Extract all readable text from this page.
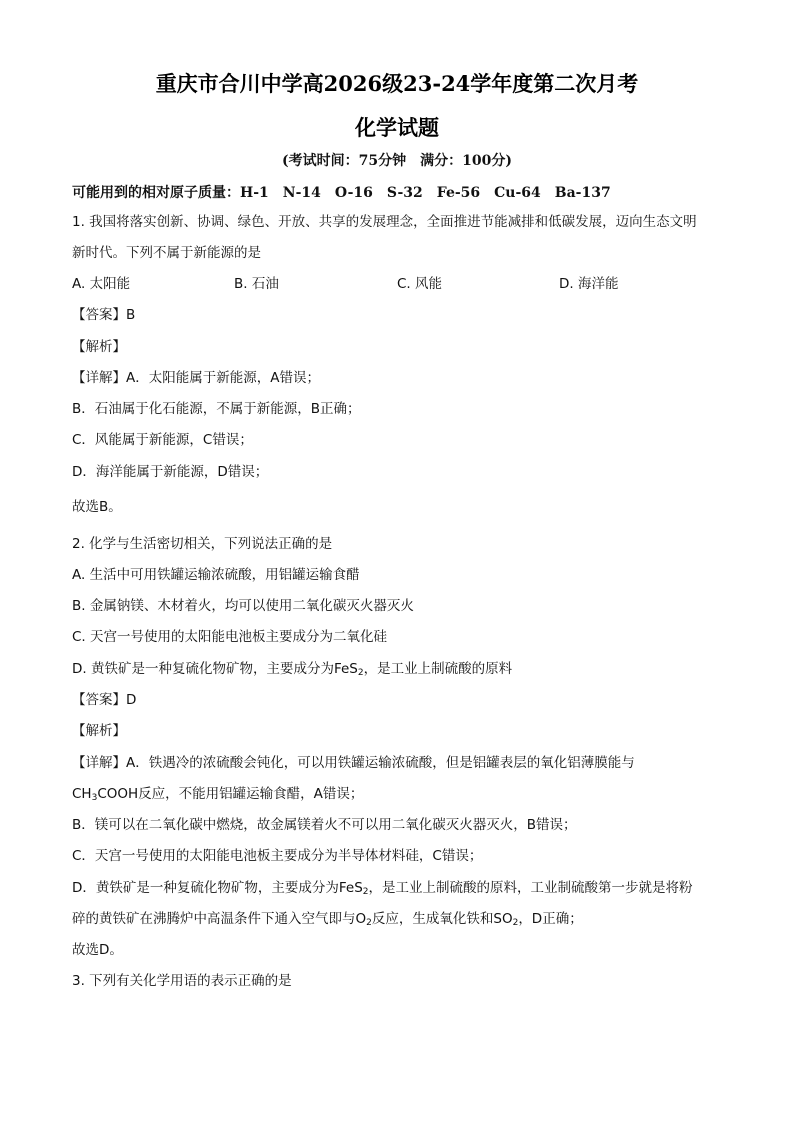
重庆市合川中学高2026级23-24学年度第二次月考
化学试题
(考试时间：75分钟　满分：100分)
可能用到的相对原子质量：H-1　N-14　O-16　S-32　Fe-56　Cu-64　Ba-137
1. 我国将落实创新、协调、绿色、开放、共享的发展理念，全面推进节能减排和低碳发展，迈向生态文明
新时代。下列不属于新能源的是
A. 太阳能	B. 石油	C. 风能	D. 海洋能
【答案】B
【解析】
【详解】A．太阳能属于新能源，A错误；
B．石油属于化石能源，不属于新能源，B正确；
C．风能属于新能源，C错误；
D．海洋能属于新能源，D错误；
故选B。
2. 化学与生活密切相关，下列说法正确的是
A. 生活中可用铁罐运输浓硫酸，用铝罐运输食醋
B. 金属钠镁、木材着火，均可以使用二氧化碳灭火器灭火
C. 天宫一号使用的太阳能电池板主要成分为二氧化硅
D. 黄铁矿是一种复硫化物矿物，主要成分为FeS$_2$，是工业上制硫酸的原料
【答案】D
【解析】
【详解】A．铁遇冷的浓硫酸会钝化，可以用铁罐运输浓硫酸，但是铝罐表层的氧化铝薄膜能与
$CH_3COOH$反应，不能用铝罐运输食醋，A错误；
B．镁可以在二氧化碳中燃烧，故金属镁着火不可以用二氧化碳灭火器灭火，B错误；
C．天宫一号使用的太阳能电池板主要成分为半导体材料硅，C错误；
D．黄铁矿是一种复硫化物矿物，主要成分为FeS$_2$，是工业上制硫酸的原料，工业制硫酸第一步就是将粉
碎的黄铁矿在沸腾炉中高温条件下通入空气即与$O_2$反应，生成氧化铁和$SO_2$，D正确；
故选D。
3. 下列有关化学用语的表示正确的是
